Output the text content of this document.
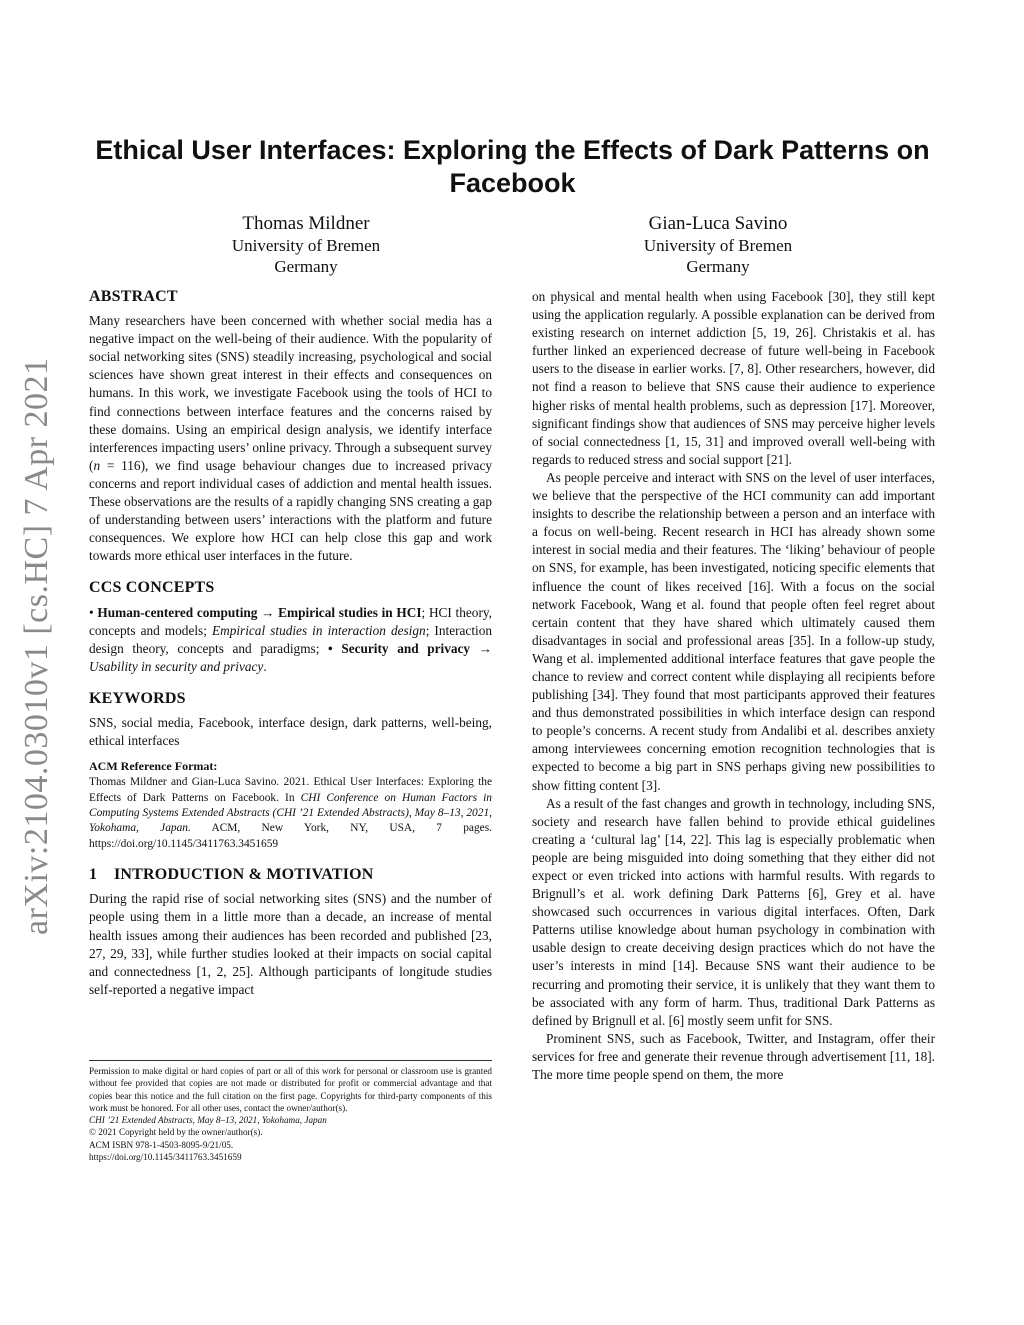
arXiv:2104.03010v1 [cs.HC] 7 Apr 2021
Ethical User Interfaces: Exploring the Effects of Dark Patterns on Facebook
Thomas Mildner
University of Bremen
Germany
Gian-Luca Savino
University of Bremen
Germany
ABSTRACT

Many researchers have been concerned with whether social media has a negative impact on the well-being of their audience. With the popularity of social networking sites (SNS) steadily increasing, psychological and social sciences have shown great interest in their effects and consequences on humans. In this work, we investigate Facebook using the tools of HCI to find connections between interface features and the concerns raised by these domains. Using an empirical design analysis, we identify interface interferences impacting users’ online privacy. Through a subsequent survey (n = 116), we find usage behaviour changes due to increased privacy concerns and report individual cases of addiction and mental health issues. These observations are the results of a rapidly changing SNS creating a gap of understanding between users’ interactions with the platform and future consequences. We explore how HCI can help close this gap and work towards more ethical user interfaces in the future.

CCS CONCEPTS

• Human-centered computing → Empirical studies in HCI; HCI theory, concepts and models; Empirical studies in interaction design; Interaction design theory, concepts and paradigms; • Security and privacy → Usability in security and privacy.

KEYWORDS

SNS, social media, Facebook, interface design, dark patterns, well-being, ethical interfaces

ACM Reference Format:

Thomas Mildner and Gian-Luca Savino. 2021. Ethical User Interfaces: Exploring the Effects of Dark Patterns on Facebook. In CHI Conference on Human Factors in Computing Systems Extended Abstracts (CHI ’21 Extended Abstracts), May 8–13, 2021, Yokohama, Japan. ACM, New York, NY, USA, 7 pages. https://doi.org/10.1145/3411763.3451659

1    INTRODUCTION & MOTIVATION

During the rapid rise of social networking sites (SNS) and the number of people using them in a little more than a decade, an increase of mental health issues among their audiences has been recorded and published [23, 27, 29, 33], while further studies looked at their impacts on social capital and connectedness [1, 2, 25]. Although participants of longitude studies self-reported a negative impact

Permission to make digital or hard copies of part or all of this work for personal or classroom use is granted without fee provided that copies are not made or distributed for profit or commercial advantage and that copies bear this notice and the full citation on the first page. Copyrights for third-party components of this work must be honored. For all other uses, contact the owner/author(s).

CHI ’21 Extended Abstracts, May 8–13, 2021, Yokohama, Japan

© 2021 Copyright held by the owner/author(s).

ACM ISBN 978-1-4503-8095-9/21/05.

https://doi.org/10.1145/3411763.3451659

on physical and mental health when using Facebook [30], they still kept using the application regularly. A possible explanation can be derived from existing research on internet addiction [5, 19, 26]. Christakis et al. has further linked an experienced decrease of future well-being in Facebook users to the disease in earlier works. [7, 8]. Other researchers, however, did not find a reason to believe that SNS cause their audience to experience higher risks of mental health problems, such as depression [17]. Moreover, significant findings show that audiences of SNS may perceive higher levels of social connectedness [1, 15, 31] and improved overall well-being with regards to reduced stress and social support [21].

As people perceive and interact with SNS on the level of user interfaces, we believe that the perspective of the HCI community can add important insights to describe the relationship between a person and an interface with a focus on well-being. Recent research in HCI has already shown some interest in social media and their features. The ‘liking’ behaviour of people on SNS, for example, has been investigated, noticing specific elements that influence the count of likes received [16]. With a focus on the social network Facebook, Wang et al. found that people often feel regret about certain content that they have shared which ultimately caused them disadvantages in social and professional areas [35]. In a follow-up study, Wang et al. implemented additional interface features that gave people the chance to review and correct content while displaying all recipients before publishing [34]. They found that most participants approved their features and thus demonstrated possibilities in which interface design can respond to people’s concerns. A recent study from Andalibi et al. describes anxiety among interviewees concerning emotion recognition technologies that is expected to become a big part in SNS perhaps giving new possibilities to show fitting content [3].

As a result of the fast changes and growth in technology, including SNS, society and research have fallen behind to provide ethical guidelines creating a ‘cultural lag’ [14, 22]. This lag is especially problematic when people are being misguided into doing something that they either did not expect or even tricked into actions with harmful results. With regards to Brignull’s et al. work defining Dark Patterns [6], Grey et al. have showcased such occurrences in various digital interfaces. Often, Dark Patterns utilise knowledge about human psychology in combination with usable design to create deceiving design practices which do not have the user’s interests in mind [14]. Because SNS want their audience to be recurring and promoting their service, it is unlikely that they want them to be associated with any form of harm. Thus, traditional Dark Patterns as defined by Brignull et al. [6] mostly seem unfit for SNS.

Prominent SNS, such as Facebook, Twitter, and Instagram, offer their services for free and generate their revenue through advertisement [11, 18]. The more time people spend on them, the more
